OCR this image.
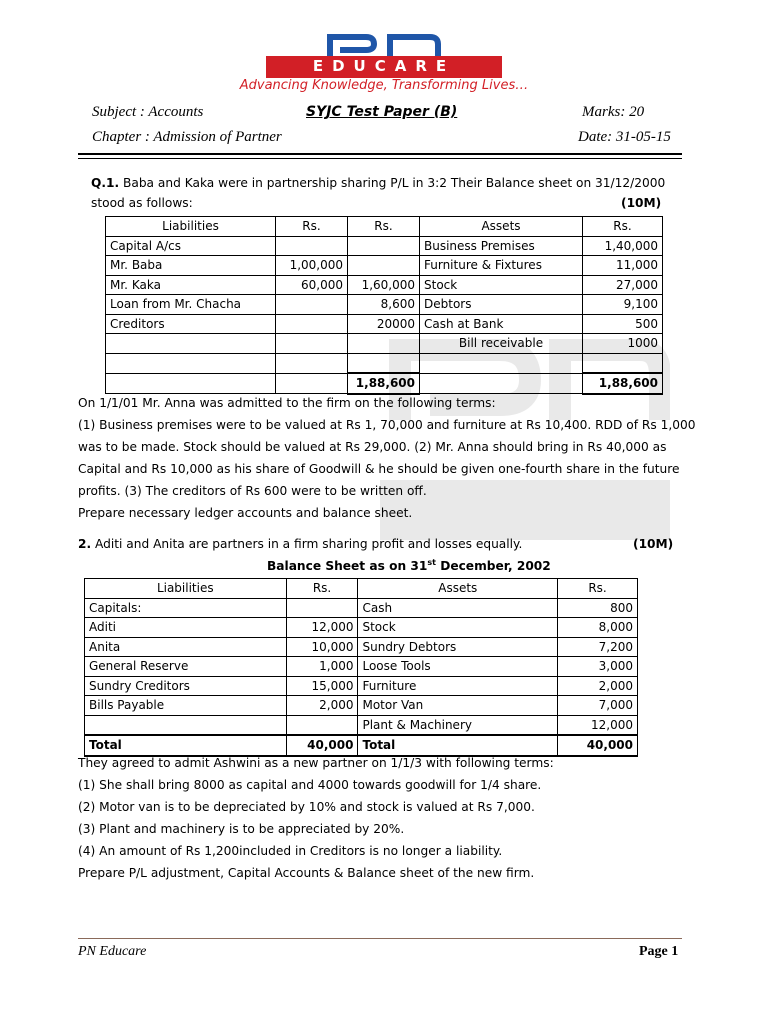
EDUCARE
Advancing Knowledge, Transforming Lives…
Subject : Accounts	SYJC Test Paper (B)	Marks: 20
Chapter : Admission of Partner	Date: 31-05-15
Q.1. Baba and Kaka were in partnership sharing P/L in 3:2 Their Balance sheet on 31/12/2000
stood as follows:	(10M)
Liabilities	Rs.	Rs.	Assets	Rs.
Capital A/cs			Business Premises	1,40,000
Mr. Baba	1,00,000		Furniture & Fixtures	11,000
Mr. Kaka	60,000	1,60,000	Stock	27,000
Loan from Mr. Chacha		8,600	Debtors	9,100
Creditors		20000	Cash at Bank	500
			Bill receivable	1000

		1,88,600		1,88,600
On 1/1/01 Mr. Anna was admitted to the firm on the following terms:
(1) Business premises were to be valued at Rs 1, 70,000 and furniture at Rs 10,400. RDD of Rs 1,000
was to be made. Stock should be valued at Rs 29,000. (2) Mr. Anna should bring in Rs 40,000 as
Capital and Rs 10,000 as his share of Goodwill & he should be given one-fourth share in the future
profits. (3) The creditors of Rs 600 were to be written off.
Prepare necessary ledger accounts and balance sheet.
2. Aditi and Anita are partners in a firm sharing profit and losses equally.	(10M)
Balance Sheet as on 31st December, 2002
Liabilities	Rs.	Assets	Rs.
Capitals:		Cash	800
Aditi	12,000	Stock	8,000
Anita	10,000	Sundry Debtors	7,200
General Reserve	1,000	Loose Tools	3,000
Sundry Creditors	15,000	Furniture	2,000
Bills Payable	2,000	Motor Van	7,000
		Plant & Machinery	12,000
Total	40,000	Total	40,000
They agreed to admit Ashwini as a new partner on 1/1/3 with following terms:
(1) She shall bring 8000 as capital and 4000 towards goodwill for 1/4 share.
(2) Motor van is to be depreciated by 10% and stock is valued at Rs 7,000.
(3) Plant and machinery is to be appreciated by 20%.
(4) An amount of Rs 1,200included in Creditors is no longer a liability.
Prepare P/L adjustment, Capital Accounts & Balance sheet of the new firm.
PN Educare	Page 1
